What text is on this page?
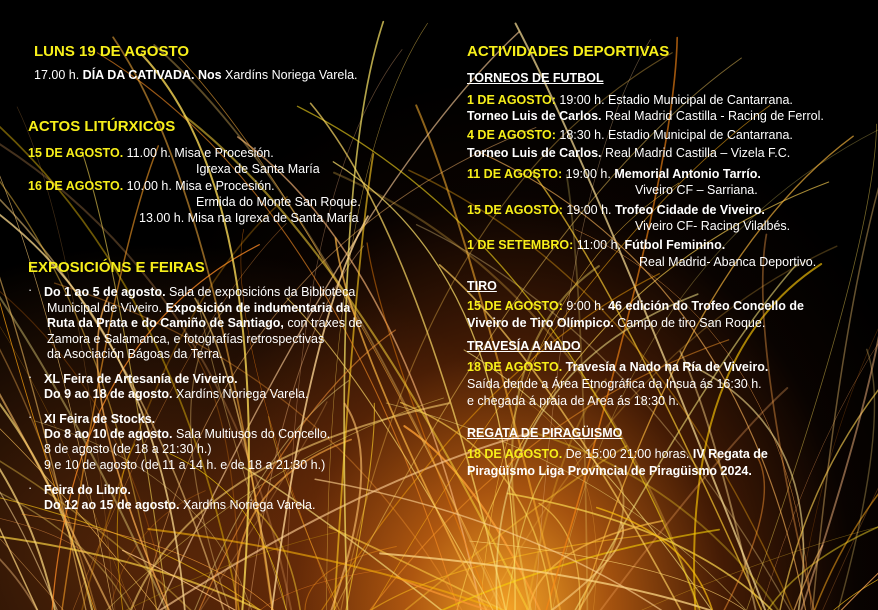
LUNS 19 DE AGOSTO
17.00 h. DÍA DA CATIVADA. Nos Xardíns Noriega Varela.
ACTOS LITÚRXICOS
15 DE AGOSTO. 11.00 h. Misa e Procesión.
Igrexa de Santa María
16 DE AGOSTO. 10.00 h. Misa e Procesión.
Ermida do Monte San Roque.
13.00 h. Misa na Igrexa de Santa María
EXPOSICIÓNS E FEIRAS
· Do 1 ao 5 de agosto. Sala de exposicións da Biblioteca
Municipal de Viveiro. Exposición de indumentaria da
Ruta da Prata e do Camiño de Santiago, con traxes de
Zamora e Salamanca, e fotografías retrospectivas
da Asociación Bágoas da Terra.
· XL Feira de Artesanía de Viveiro.
Do 9 ao 18 de agosto. Xardíns Noriega Varela.
· XI Feira de Stocks.
Do 8 ao 10 de agosto. Sala Multiusos do Concello.
8 de agosto (de 18 a 21:30 h.)
9 e 10 de agosto (de 11 a 14 h. e de 18 a 21:30 h.)
· Feira do Libro.
Do 12 ao 15 de agosto. Xardíns Noriega Varela.
ACTIVIDADES DEPORTIVAS
TORNEOS DE FUTBOL
1 DE AGOSTO: 19:00 h. Estadio Municipal de Cantarrana.
Torneo Luis de Carlos. Real Madrid Castilla - Racing de Ferrol.
4 DE AGOSTO: 18:30 h. Estadio Municipal de Cantarrana.
Torneo Luis de Carlos. Real Madrid Castilla – Vizela F.C.
11 DE AGOSTO: 19:00 h. Memorial Antonio Tarrío.
Viveiro CF – Sarriana.
15 DE AGOSTO: 19:00 h. Trofeo Cidade de Viveiro.
Viveiro CF- Racing Vilalbés.
1 DE SETEMBRO: 11:00 h. Fútbol Feminino.
Real Madrid- Abanca Deportivo.
TIRO
15 DE AGOSTO: 9:00 h. 46 edición do Trofeo Concello de
Viveiro de Tiro Olímpico. Campo de tiro San Roque.
TRAVESÍA A NADO
18 DE AGOSTO. Travesía a Nado na Ría de Viveiro.
Saída dende a Área Etnográfica da Insua ás 16:30 h.
e chegada á praia de Area ás 18:30 h.
REGATA DE PIRAGÜISMO
18 DE AGOSTO. De 15:00 21:00 horas. IV Regata de
Piragüismo Liga Provincial de Piragüismo 2024.
